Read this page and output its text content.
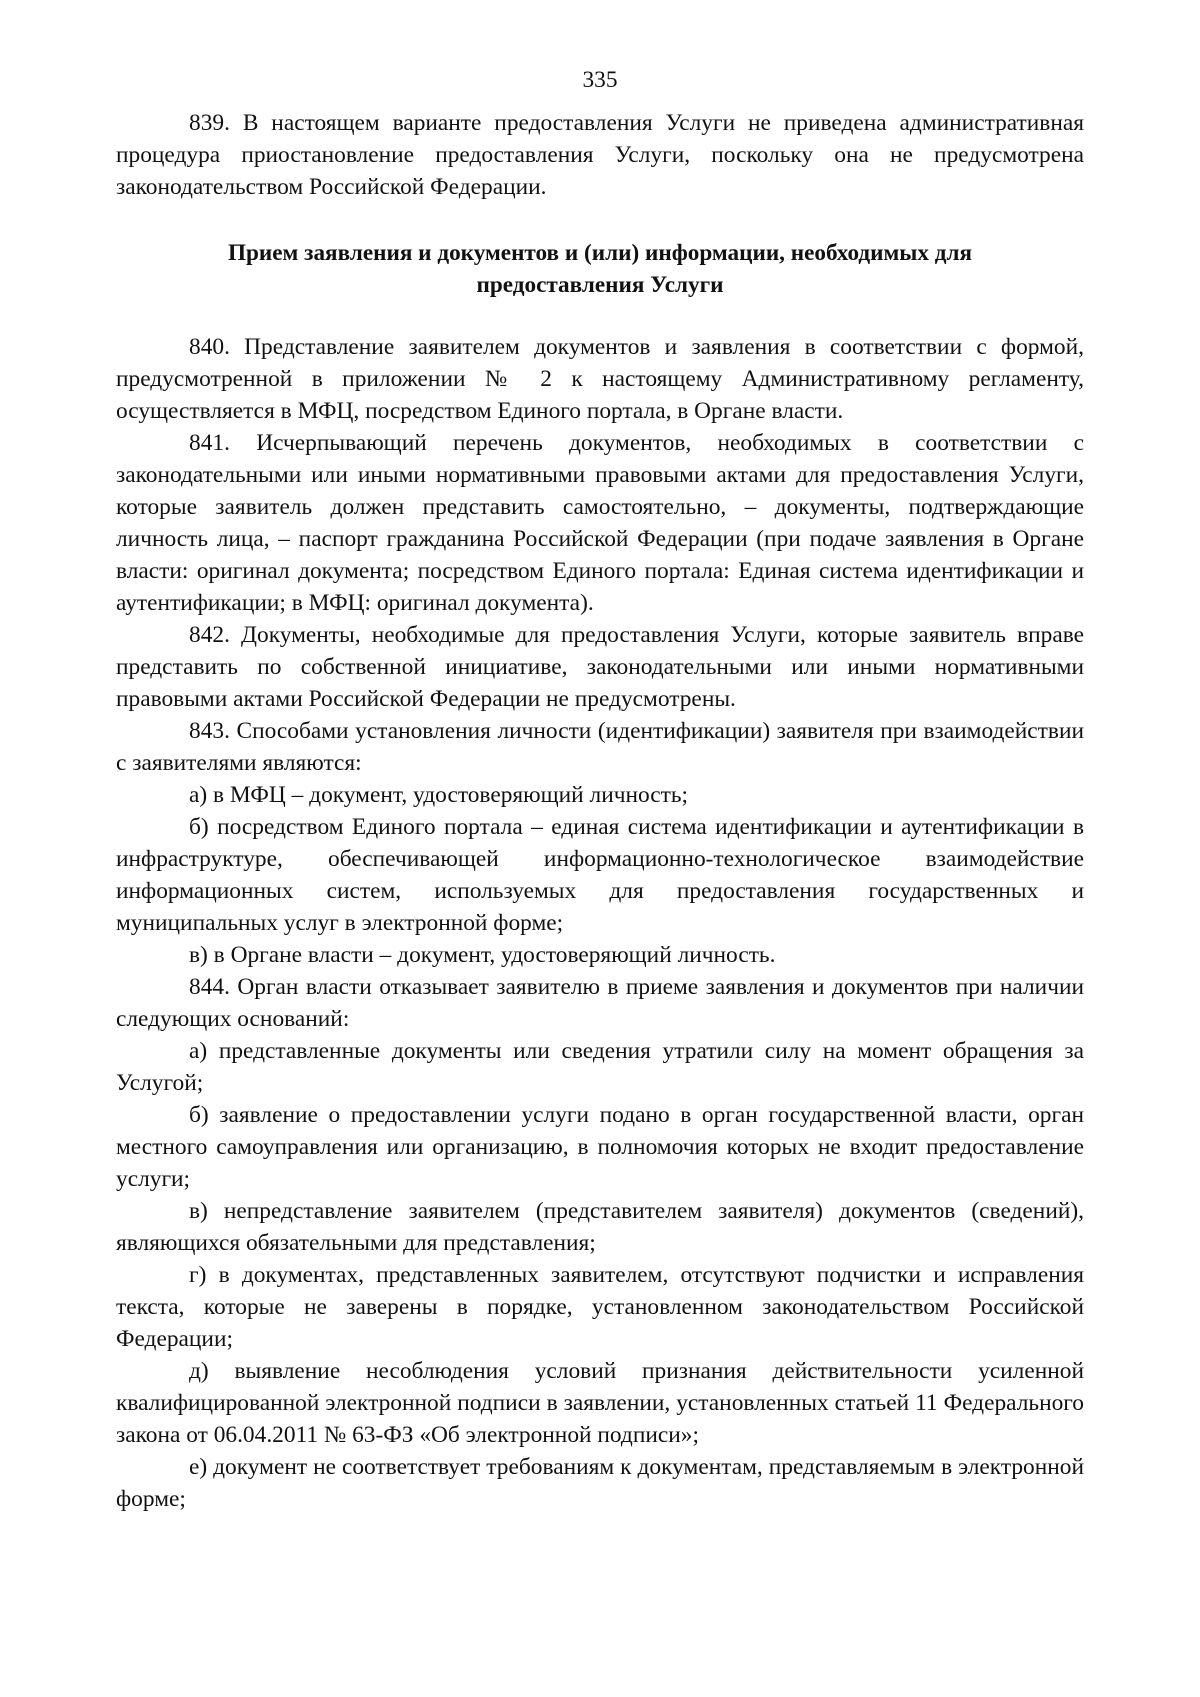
335

839. В настоящем варианте предоставления Услуги не приведена административная процедура приостановление предоставления Услуги, поскольку она не предусмотрена законодательством Российской Федерации.

Прием заявления и документов и (или) информации, необходимых для
предоставления Услуги

840. Представление заявителем документов и заявления в соответствии с формой, предусмотренной в приложении № 2 к настоящему Административному регламенту, осуществляется в МФЦ, посредством Единого портала, в Органе власти.

841. Исчерпывающий перечень документов, необходимых в соответствии с законодательными или иными нормативными правовыми актами для предоставления Услуги, которые заявитель должен представить самостоятельно, – документы, подтверждающие личность лица, – паспорт гражданина Российской Федерации (при подаче заявления в Органе власти: оригинал документа; посредством Единого портала: Единая система идентификации и аутентификации; в МФЦ: оригинал документа).

842. Документы, необходимые для предоставления Услуги, которые заявитель вправе представить по собственной инициативе, законодательными или иными нормативными правовыми актами Российской Федерации не предусмотрены.

843. Способами установления личности (идентификации) заявителя при взаимодействии с заявителями являются:

а) в МФЦ – документ, удостоверяющий личность;

б) посредством Единого портала – единая система идентификации и аутентификации в инфраструктуре, обеспечивающей информационно-технологическое взаимодействие информационных систем, используемых для предоставления государственных и муниципальных услуг в электронной форме;

в) в Органе власти – документ, удостоверяющий личность.

844. Орган власти отказывает заявителю в приеме заявления и документов при наличии следующих оснований:

а) представленные документы или сведения утратили силу на момент обращения за Услугой;

б) заявление о предоставлении услуги подано в орган государственной власти, орган местного самоуправления или организацию, в полномочия которых не входит предоставление услуги;

в) непредставление заявителем (представителем заявителя) документов (сведений), являющихся обязательными для представления;

г) в документах, представленных заявителем, отсутствуют подчистки и исправления текста, которые не заверены в порядке, установленном законодательством Российской Федерации;

д) выявление несоблюдения условий признания действительности усиленной квалифицированной электронной подписи в заявлении, установленных статьей 11 Федерального закона от 06.04.2011 № 63-ФЗ «Об электронной подписи»;

е) документ не соответствует требованиям к документам, представляемым в электронной форме;
